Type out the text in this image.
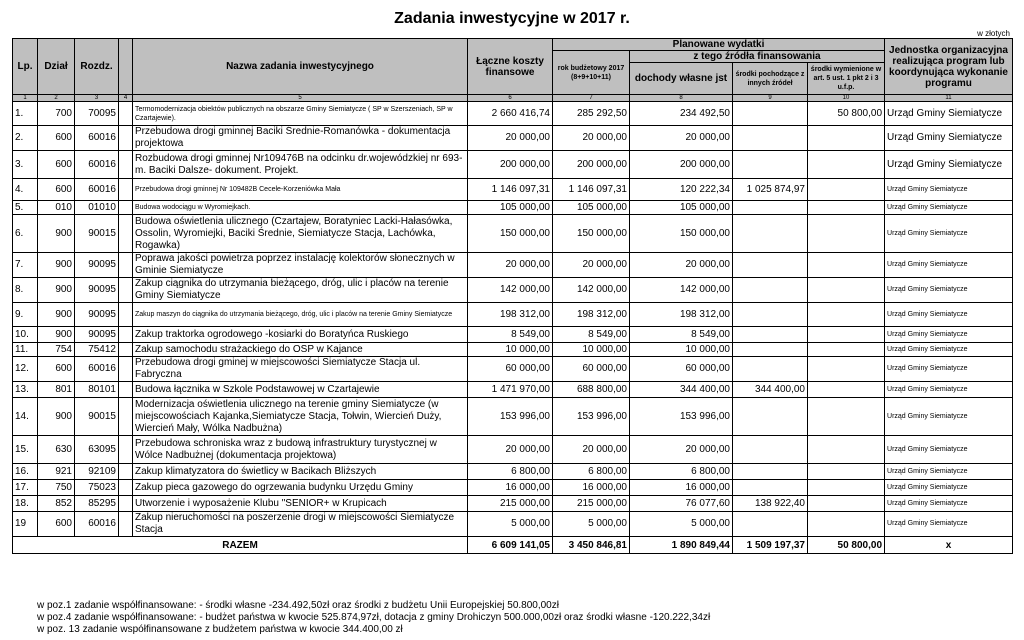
Zadania inwestycyjne w 2017 r.
w złotych
Lp.	Dział	Rozdz.		Nazwa zadania inwestycyjnego	Łączne koszty finansowe	Planowane wydatki				Jednostka organizacyjna realizująca program lub koordynująca wykonanie programu
						rok budżetowy 2017 (8+9+10+11)	z tego źródła finansowania			
							dochody własne jst	środki pochodzące z innych źródeł	środki wymienione w art. 5 ust. 1 pkt 2 i 3 u.f.p.	
1	2	3	4	5	6	7	8	9	10	11
1.	700	70095		Termomodernizacja obiektów publicznych na obszarze Gminy Siemiatycze ( SP w Szerszeniach, SP w Czartajewie).	2 660 416,74	285 292,50	234 492,50		50 800,00	Urząd Gminy Siemiatycze
2.	600	60016		Przebudowa drogi gminnej Baciki Średnie-Romanówka - dokumentacja projektowa	20 000,00	20 000,00	20 000,00			Urząd Gminy Siemiatycze
3.	600	60016		Rozbudowa drogi gminnej Nr109476B na odcinku dr.wojewódzkiej nr 693-m. Baciki Dalsze- dokument. Projekt.	200 000,00	200 000,00	200 000,00			Urząd Gminy Siemiatycze
4.	600	60016		Przebudowa drogi gminnej Nr 109482B Cecele-Korzeniówka Mała	1 146 097,31	1 146 097,31	120 222,34	1 025 874,97		Urząd Gminy Siemiatycze
5.	010	01010		Budowa wodociągu w Wyromiejkach.	105 000,00	105 000,00	105 000,00			Urząd Gminy Siemiatycze
6.	900	90015		Budowa oświetlenia ulicznego (Czartajew, Boratyniec Lacki-Hałasówka, Ossolin, Wyromiejki, Baciki Średnie, Siemiatycze Stacja, Lachówka, Rogawka)	150 000,00	150 000,00	150 000,00			Urząd Gminy Siemiatycze
7.	900	90095		Poprawa jakości powietrza poprzez instalację kolektorów słonecznych w Gminie Siemiatycze	20 000,00	20 000,00	20 000,00			Urząd Gminy Siemiatycze
8.	900	90095		Zakup ciągnika do utrzymania bieżącego, dróg, ulic i placów na terenie Gminy Siemiatycze	142 000,00	142 000,00	142 000,00			Urząd Gminy Siemiatycze
9.	900	90095		Zakup maszyn do ciągnika do utrzymania bieżącego, dróg, ulic i placów na terenie Gminy Siemiatycze	198 312,00	198 312,00	198 312,00			Urząd Gminy Siemiatycze
10.	900	90095		Zakup traktorka ogrodowego -kosiarki do Boratyńca Ruskiego	8 549,00	8 549,00	8 549,00			Urząd Gminy Siemiatycze
11.	754	75412		Zakup samochodu strażackiego do OSP w Kajance	10 000,00	10 000,00	10 000,00			Urząd Gminy Siemiatycze
12.	600	60016		Przebudowa drogi gminej w miejscowości Siemiatycze Stacja ul. Fabryczna	60 000,00	60 000,00	60 000,00			Urząd Gminy Siemiatycze
13.	801	80101		Budowa łącznika w Szkole Podstawowej w Czartajewie	1 471 970,00	688 800,00	344 400,00	344 400,00		Urząd Gminy Siemiatycze
14.	900	90015		Modernizacja oświetlenia ulicznego na terenie gminy Siemiatycze (w miejscowościach Kajanka,Siemiatycze Stacja, Tołwin, Wiercień Duży, Wiercień Mały, Wólka Nadbużna)	153 996,00	153 996,00	153 996,00			Urząd Gminy Siemiatycze
15.	630	63095		Przebudowa schroniska wraz z budową infrastruktury turystycznej w Wólce Nadbużnej (dokumentacja projektowa)	20 000,00	20 000,00	20 000,00			Urząd Gminy Siemiatycze
16.	921	92109		Zakup klimatyzatora do świetlicy w Bacikach Bliższych	6 800,00	6 800,00	6 800,00			Urząd Gminy Siemiatycze
17.	750	75023		Zakup pieca gazowego do ogrzewania budynku Urzędu Gminy	16 000,00	16 000,00	16 000,00			Urząd Gminy Siemiatycze
18.	852	85295		Utworzenie i wyposażenie Klubu "SENIOR+ w Krupicach	215 000,00	215 000,00	76 077,60	138 922,40		Urząd Gminy Siemiatycze
19	600	60016		Zakup nieruchomości na poszerzenie drogi w miejscowości Siemiatycze Stacja	5 000,00	5 000,00	5 000,00			Urząd Gminy Siemiatycze
RAZEM					6 609 141,05	3 450 846,81	1 890 849,44	1 509 197,37	50 800,00	x
w poz.1 zadanie współfinansowane: - środki własne -234.492,50zł oraz środki z budżetu Unii Europejskiej 50.800,00zł
w poz.4 zadanie współfinansowane: - budżet państwa w kwocie 525.874,97zł, dotacja z gminy Drohiczyn 500.000,00zł oraz środki własne -120.222,34zł
w poz. 13 zadanie współfinansowane z budżetem państwa w kwocie 344.400,00 zł
